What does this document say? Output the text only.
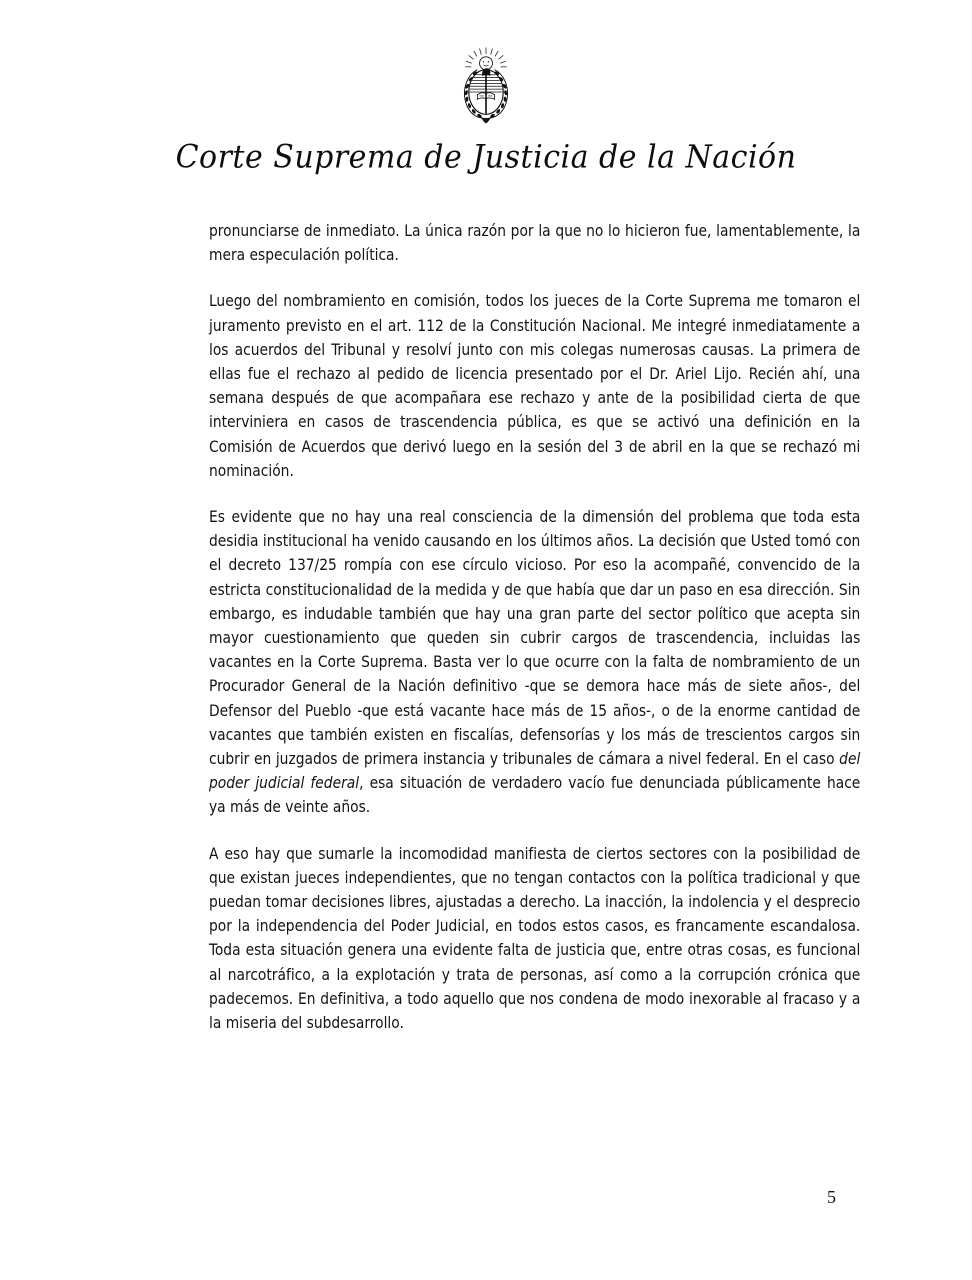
Corte Suprema de Justicia de la Nación

pronunciarse de inmediato. La única razón por la que no lo hicieron fue, lamentablemente, la mera especulación política.

Luego del nombramiento en comisión, todos los jueces de la Corte Suprema me tomaron el juramento previsto en el art. 112 de la Constitución Nacional. Me integré inmediatamente a los acuerdos del Tribunal y resolví junto con mis colegas numerosas causas. La primera de ellas fue el rechazo al pedido de licencia presentado por el Dr. Ariel Lijo. Recién ahí, una semana después de que acompañara ese rechazo y ante de la posibilidad cierta de que interviniera en casos de trascendencia pública, es que se activó una definición en la Comisión de Acuerdos que derivó luego en la sesión del 3 de abril en la que se rechazó mi nominación.

Es evidente que no hay una real consciencia de la dimensión del problema que toda esta desidia institucional ha venido causando en los últimos años. La decisión que Usted tomó con el decreto 137/25 rompía con ese círculo vicioso. Por eso la acompañé, convencido de la estricta constitucionalidad de la medida y de que había que dar un paso en esa dirección. Sin embargo, es indudable también que hay una gran parte del sector político que acepta sin mayor cuestionamiento que queden sin cubrir cargos de trascendencia, incluidas las vacantes en la Corte Suprema. Basta ver lo que ocurre con la falta de nombramiento de un Procurador General de la Nación definitivo -que se demora hace más de siete años-, del Defensor del Pueblo -que está vacante hace más de 15 años-, o de la enorme cantidad de vacantes que también existen en fiscalías, defensorías y los más de trescientos cargos sin cubrir en juzgados de primera instancia y tribunales de cámara a nivel federal. En el caso del poder judicial federal, esa situación de verdadero vacío fue denunciada públicamente hace ya más de veinte años.

A eso hay que sumarle la incomodidad manifiesta de ciertos sectores con la posibilidad de que existan jueces independientes, que no tengan contactos con la política tradicional y que puedan tomar decisiones libres, ajustadas a derecho. La inacción, la indolencia y el desprecio por la independencia del Poder Judicial, en todos estos casos, es francamente escandalosa. Toda esta situación genera una evidente falta de justicia que, entre otras cosas, es funcional al narcotráfico, a la explotación y trata de personas, así como a la corrupción crónica que padecemos. En definitiva, a todo aquello que nos condena de modo inexorable al fracaso y a la miseria del subdesarrollo.

5
